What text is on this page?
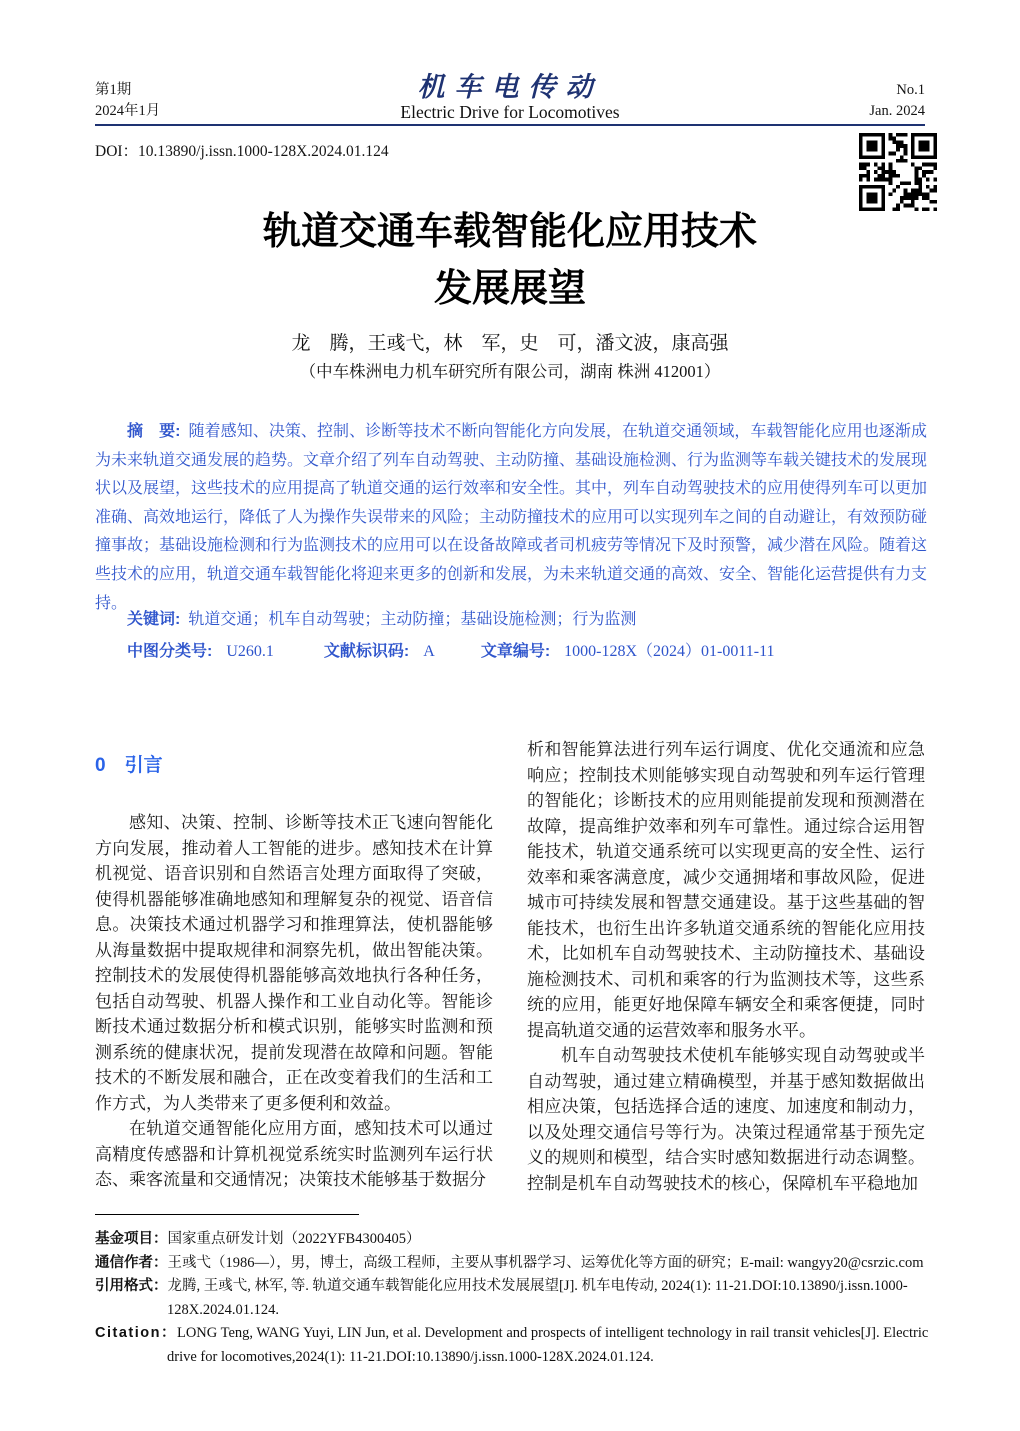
第1期
2024年1月
机车电传动
Electric Drive for Locomotives
No.1
Jan. 2024
DOI：10.13890/j.issn.1000-128X.2024.01.124
轨道交通车载智能化应用技术
发展展望
龙　腾，王彧弋，林　军，史　可，潘文波，康高强
（中车株洲电力机车研究所有限公司，湖南 株洲 412001）

摘　要: 随着感知、决策、控制、诊断等技术不断向智能化方向发展，在轨道交通领域，车载智能化应用也逐渐成为未来轨道交通发展的趋势。文章介绍了列车自动驾驶、主动防撞、基础设施检测、行为监测等车载关键技术的发展现状以及展望，这些技术的应用提高了轨道交通的运行效率和安全性。其中，列车自动驾驶技术的应用使得列车可以更加准确、高效地运行，降低了人为操作失误带来的风险；主动防撞技术的应用可以实现列车之间的自动避让，有效预防碰撞事故；基础设施检测和行为监测技术的应用可以在设备故障或者司机疲劳等情况下及时预警，减少潜在风险。随着这些技术的应用，轨道交通车载智能化将迎来更多的创新和发展，为未来轨道交通的高效、安全、智能化运营提供有力支持。

关键词: 轨道交通；机车自动驾驶；主动防撞；基础设施检测；行为监测
中图分类号: U260.1	文献标识码: A	文章编号: 1000-128X（2024）01-0011-11
0　引言

感知、决策、控制、诊断等技术正飞速向智能化方向发展，推动着人工智能的进步。感知技术在计算机视觉、语音识别和自然语言处理方面取得了突破，使得机器能够准确地感知和理解复杂的视觉、语音信息。决策技术通过机器学习和推理算法，使机器能够从海量数据中提取规律和洞察先机，做出智能决策。控制技术的发展使得机器能够高效地执行各种任务，包括自动驾驶、机器人操作和工业自动化等。智能诊断技术通过数据分析和模式识别，能够实时监测和预测系统的健康状况，提前发现潜在故障和问题。智能技术的不断发展和融合，正在改变着我们的生活和工作方式，为人类带来了更多便利和效益。

在轨道交通智能化应用方面，感知技术可以通过高精度传感器和计算机视觉系统实时监测列车运行状态、乘客流量和交通情况；决策技术能够基于数据分

析和智能算法进行列车运行调度、优化交通流和应急响应；控制技术则能够实现自动驾驶和列车运行管理的智能化；诊断技术的应用则能提前发现和预测潜在故障，提高维护效率和列车可靠性。通过综合运用智能技术，轨道交通系统可以实现更高的安全性、运行效率和乘客满意度，减少交通拥堵和事故风险，促进城市可持续发展和智慧交通建设。基于这些基础的智能技术，也衍生出许多轨道交通系统的智能化应用技术，比如机车自动驾驶技术、主动防撞技术、基础设施检测技术、司机和乘客的行为监测技术等，这些系统的应用，能更好地保障车辆安全和乘客便捷，同时提高轨道交通的运营效率和服务水平。

机车自动驾驶技术使机车能够实现自动驾驶或半自动驾驶，通过建立精确模型，并基于感知数据做出相应决策，包括选择合适的速度、加速度和制动力，以及处理交通信号等行为。决策过程通常基于预先定义的规则和模型，结合实时感知数据进行动态调整。控制是机车自动驾驶技术的核心，保障机车平稳地加

基金项目：国家重点研发计划（2022YFB4300405）

通信作者：王彧弋（1986—），男，博士，高级工程师，主要从事机器学习、运筹优化等方面的研究；E-mail: wangyy20@csrzic.com

引用格式：龙腾, 王彧弋, 林军, 等. 轨道交通车载智能化应用技术发展展望[J]. 机车电传动, 2024(1): 11-21.DOI:10.13890/j.issn.1000-128X.2024.01.124.

Citation：LONG Teng, WANG Yuyi, LIN Jun, et al. Development and prospects of intelligent technology in rail transit vehicles[J]. Electric drive for locomotives,2024(1): 11-21.DOI:10.13890/j.issn.1000-128X.2024.01.124.
